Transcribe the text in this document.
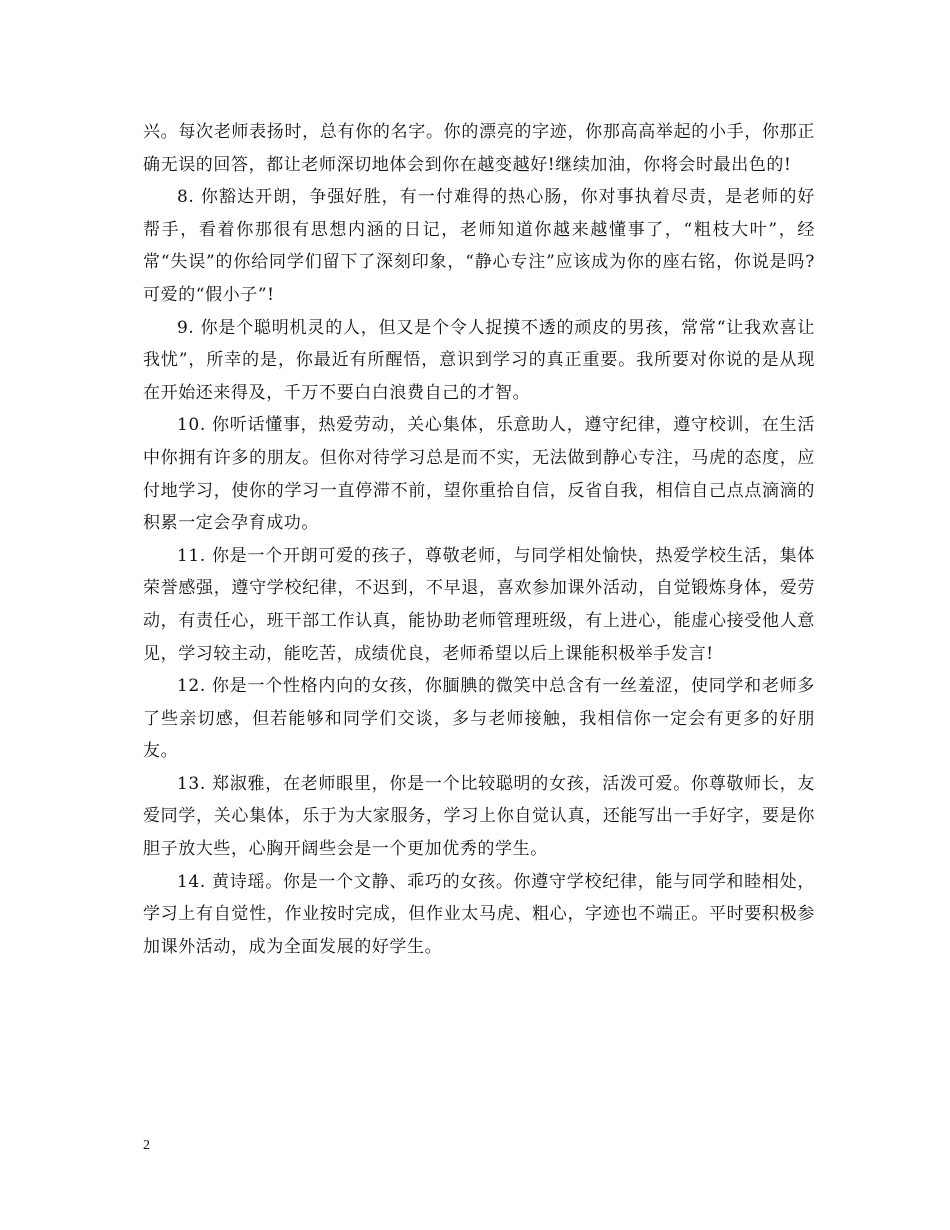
兴。每次老师表扬时，总有你的名字。你的漂亮的字迹，你那高高举起的小手，你那正确无误的回答，都让老师深切地体会到你在越变越好!继续加油，你将会时最出色的!

8. 你豁达开朗，争强好胜，有一付难得的热心肠，你对事执着尽责，是老师的好帮手，看着你那很有思想内涵的日记，老师知道你越来越懂事了，“粗枝大叶”，经常“失误”的你给同学们留下了深刻印象，“静心专注”应该成为你的座右铭，你说是吗?可爱的“假小子”!

9. 你是个聪明机灵的人，但又是个令人捉摸不透的顽皮的男孩，常常“让我欢喜让我忧”，所幸的是，你最近有所醒悟，意识到学习的真正重要。我所要对你说的是从现在开始还来得及，千万不要白白浪费自己的才智。

10. 你听话懂事，热爱劳动，关心集体，乐意助人，遵守纪律，遵守校训，在生活中你拥有许多的朋友。但你对待学习总是而不实，无法做到静心专注，马虎的态度，应付地学习，使你的学习一直停滞不前，望你重拾自信，反省自我，相信自己点点滴滴的积累一定会孕育成功。

11. 你是一个开朗可爱的孩子，尊敬老师，与同学相处愉快，热爱学校生活，集体荣誉感强，遵守学校纪律，不迟到，不早退，喜欢参加课外活动，自觉锻炼身体，爱劳动，有责任心，班干部工作认真，能协助老师管理班级，有上进心，能虚心接受他人意见，学习较主动，能吃苦，成绩优良，老师希望以后上课能积极举手发言!

12. 你是一个性格内向的女孩，你腼腆的微笑中总含有一丝羞涩，使同学和老师多了些亲切感，但若能够和同学们交谈，多与老师接触，我相信你一定会有更多的好朋友。

13. 郑淑雅，在老师眼里，你是一个比较聪明的女孩，活泼可爱。你尊敬师长，友爱同学，关心集体，乐于为大家服务，学习上你自觉认真，还能写出一手好字，要是你胆子放大些，心胸开阔些会是一个更加优秀的学生。

14. 黄诗瑶。你是一个文静、乖巧的女孩。你遵守学校纪律，能与同学和睦相处，学习上有自觉性，作业按时完成，但作业太马虎、粗心，字迹也不端正。平时要积极参加课外活动，成为全面发展的好学生。

2
